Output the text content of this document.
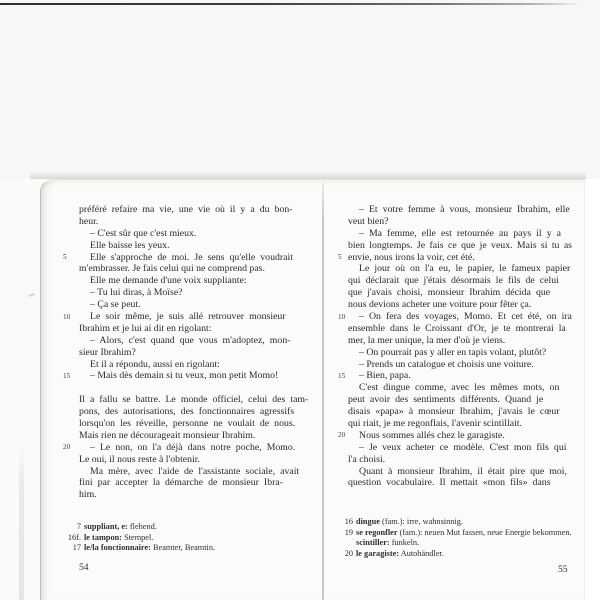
préféré refaire ma vie, une vie où il y a du bon-
heur.
– C'est sûr que c'est mieux.
Elle baisse les yeux.
5 Elle s'approche de moi. Je sens qu'elle voudrait
m'embrasser. Je fais celui qui ne comprend pas.
Elle me demande d'une voix suppliante:
– Tu lui diras, à Moïse?
– Ça se peut.
10 Le soir même, je suis allé retrouver monsieur
Ibrahim et je lui ai dit en rigolant:
– Alors, c'est quand que vous m'adoptez, mon-
sieur Ibrahim?
Et il a répondu, aussi en rigolant:
15 – Mais dès demain si tu veux, mon petit Momo!
Il a fallu se battre. Le monde officiel, celui des tam-
pons, des autorisations, des fonctionnaires agressifs
lorsqu'on les réveille, personne ne voulait de nous.
Mais rien ne décourageait monsieur Ibrahim.
20 – Le non, on l'a déjà dans notre poche, Momo.
Le oui, il nous reste à l'obtenir.
Ma mère, avec l'aide de l'assistante sociale, avait
fini par accepter la démarche de monsieur Ibra-
him.
7 suppliant, e: flehend.
16f. le tampon: Stempel.
17 le/la fonctionnaire: Beamter, Beamtin.
54
– Et votre femme à vous, monsieur Ibrahim, elle
veut bien?
– Ma femme, elle est retournée au pays il y a
bien longtemps. Je fais ce que je veux. Mais si tu as
5 envie, nous irons la voir, cet été.
Le jour où on l'a eu, le papier, le fameux papier
qui déclarait que j'étais désormais le fils de celui
que j'avais choisi, monsieur Ibrahim décida que
nous devions acheter une voiture pour fêter ça.
10 – On fera des voyages, Momo. Et cet été, on ira
ensemble dans le Croissant d'Or, je te montrerai la
mer, la mer unique, la mer d'où je viens.
– On pourrait pas y aller en tapis volant, plutôt?
– Prends un catalogue et choisis une voiture.
15 – Bien, papa.
C'est dingue comme, avec les mêmes mots, on
peut avoir des sentiments différents. Quand je
disais «papa» à monsieur Ibrahim, j'avais le cœur
qui riait, je me regonflais, l'avenir scintillait.
20 Nous sommes allés chez le garagiste.
– Je veux acheter ce modèle. C'est mon fils qui
l'a choisi.
Quant à monsieur Ibrahim, il était pire que moi,
question vocabulaire. Il mettait «mon fils» dans
16 dingue (fam.): irre, wahnsinnig.
19 se regonfler (fam.): neuen Mut fassen, neue Energie bekommen.
scintiller: funkeln.
20 le garagiste: Autohändler.
55
